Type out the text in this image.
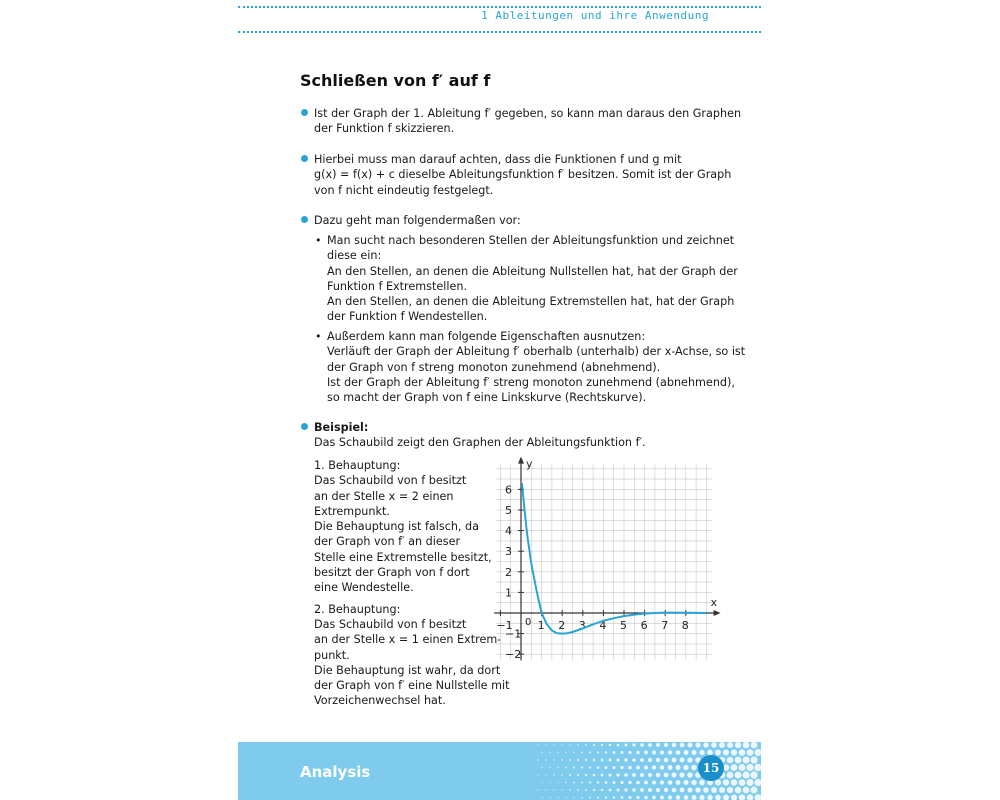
1 Ableitungen und ihre Anwendung
Schließen von f′ auf f
Ist der Graph der 1. Ableitung f′ gegeben, so kann man daraus den Graphen
der Funktion f skizzieren.
Hierbei muss man darauf achten, dass die Funktionen f und g mit
g(x) = f(x) + c dieselbe Ableitungsfunktion f′ besitzen. Somit ist der Graph
von f nicht eindeutig festgelegt.
Dazu geht man folgendermaßen vor:
• Man sucht nach besonderen Stellen der Ableitungsfunktion und zeichnet
diese ein:
An den Stellen, an denen die Ableitung Nullstellen hat, hat der Graph der
Funktion f Extremstellen.
An den Stellen, an denen die Ableitung Extremstellen hat, hat der Graph
der Funktion f Wendestellen.
• Außerdem kann man folgende Eigenschaften ausnutzen:
Verläuft der Graph der Ableitung f′ oberhalb (unterhalb) der x-Achse, so ist
der Graph von f streng monoton zunehmend (abnehmend).
Ist der Graph der Ableitung f′ streng monoton zunehmend (abnehmend),
so macht der Graph von f eine Linkskurve (Rechtskurve).
Beispiel:
Das Schaubild zeigt den Graphen der Ableitungsfunktion f′.
1. Behauptung:
Das Schaubild von f besitzt
an der Stelle x = 2 einen
Extrempunkt.
Die Behauptung ist falsch, da
der Graph von f′ an dieser
Stelle eine Extremstelle besitzt,
besitzt der Graph von f dort
eine Wendestelle.
2. Behauptung:
Das Schaubild von f besitzt
an der Stelle x = 1 einen Extrem-
punkt.
Die Behauptung ist wahr, da dort
der Graph von f′ eine Nullstelle mit
Vorzeichenwechsel hat.
x
y
−1 1 2 3 4 5 6 7 8
6
5
4
3
2
1
−1
−2
0
Analysis	15
